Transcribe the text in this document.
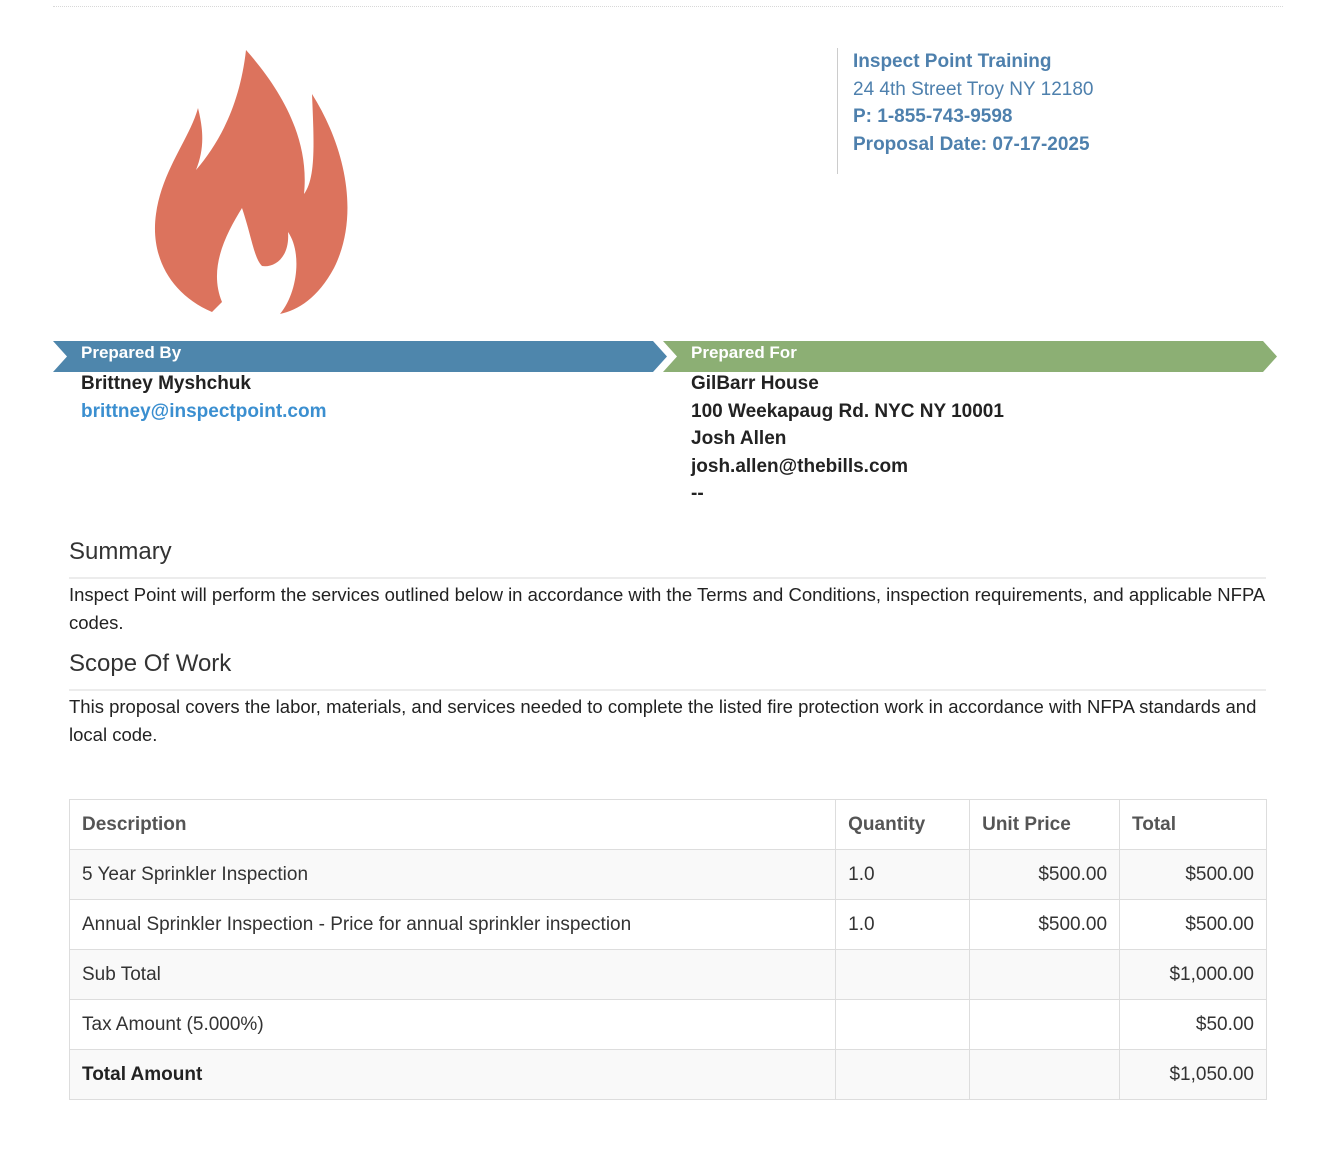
Inspect Point Training
24 4th Street Troy NY 12180
P: 1-855-743-9598
Proposal Date: 07-17-2025
Prepared By	Prepared For
Brittney Myshchuk
brittney@inspectpoint.com
GilBarr House
100 Weekapaug Rd. NYC NY 10001
Josh Allen
josh.allen@thebills.com
--
Summary

Inspect Point will perform the services outlined below in accordance with the Terms and Conditions, inspection requirements, and applicable NFPA codes.

Scope Of Work

This proposal covers the labor, materials, and services needed to complete the listed fire protection work in accordance with NFPA standards and local code.

Description	Quantity	Unit Price	Total
5 Year Sprinkler Inspection	1.0	$500.00	$500.00
Annual Sprinkler Inspection - Price for annual sprinkler inspection	1.0	$500.00	$500.00
Sub Total			$1,000.00
Tax Amount (5.000%)			$50.00
Total Amount			$1,050.00
